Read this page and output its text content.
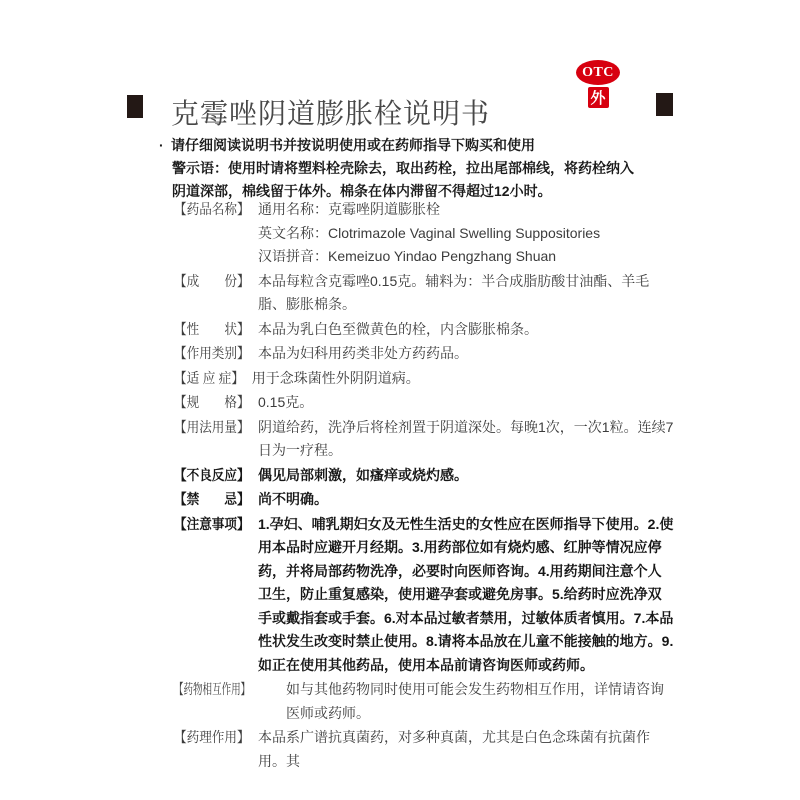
OTC
外
克霉唑阴道膨胀栓说明书
· 请仔细阅读说明书并按说明使用或在药师指导下购买和使用
警示语：使用时请将塑料栓壳除去，取出药栓，拉出尾部棉线，将药栓纳入阴道深部，棉线留于体外。棉条在体内滞留不得超过12小时。
【药品名称】 通用名称：克霉唑阴道膨胀栓
英文名称：Clotrimazole Vaginal Swelling Suppositories
汉语拼音：Kemeizuo Yindao Pengzhang Shuan
【成　　份】 本品每粒含克霉唑0.15克。辅料为：半合成脂肪酸甘油酯、羊毛脂、膨胀棉条。
【性　　状】 本品为乳白色至微黄色的栓，内含膨胀棉条。
【作用类别】 本品为妇科用药类非处方药药品。
【适 应 症】 用于念珠菌性外阴阴道病。
【规　　格】 0.15克。
【用法用量】 阴道给药，洗净后将栓剂置于阴道深处。每晚1次，一次1粒。连续7日为一疗程。
【不良反应】 偶见局部刺激，如瘙痒或烧灼感。
【禁　　忌】 尚不明确。
【注意事项】 1.孕妇、哺乳期妇女及无性生活史的女性应在医师指导下使用。2.使用本品时应避开月经期。3.用药部位如有烧灼感、红肿等情况应停药，并将局部药物洗净，必要时向医师咨询。4.用药期间注意个人卫生，防止重复感染，使用避孕套或避免房事。5.给药时应洗净双手或戴指套或手套。6.对本品过敏者禁用，过敏体质者慎用。7.本品性状发生改变时禁止使用。8.请将本品放在儿童不能接触的地方。9.如正在使用其他药品，使用本品前请咨询医师或药师。
【药物相互作用】	如与其他药物同时使用可能会发生药物相互作用，详情请咨询医师或药师。
【药理作用】 本品系广谱抗真菌药，对多种真菌，尤其是白色念珠菌有抗菌作用。其
